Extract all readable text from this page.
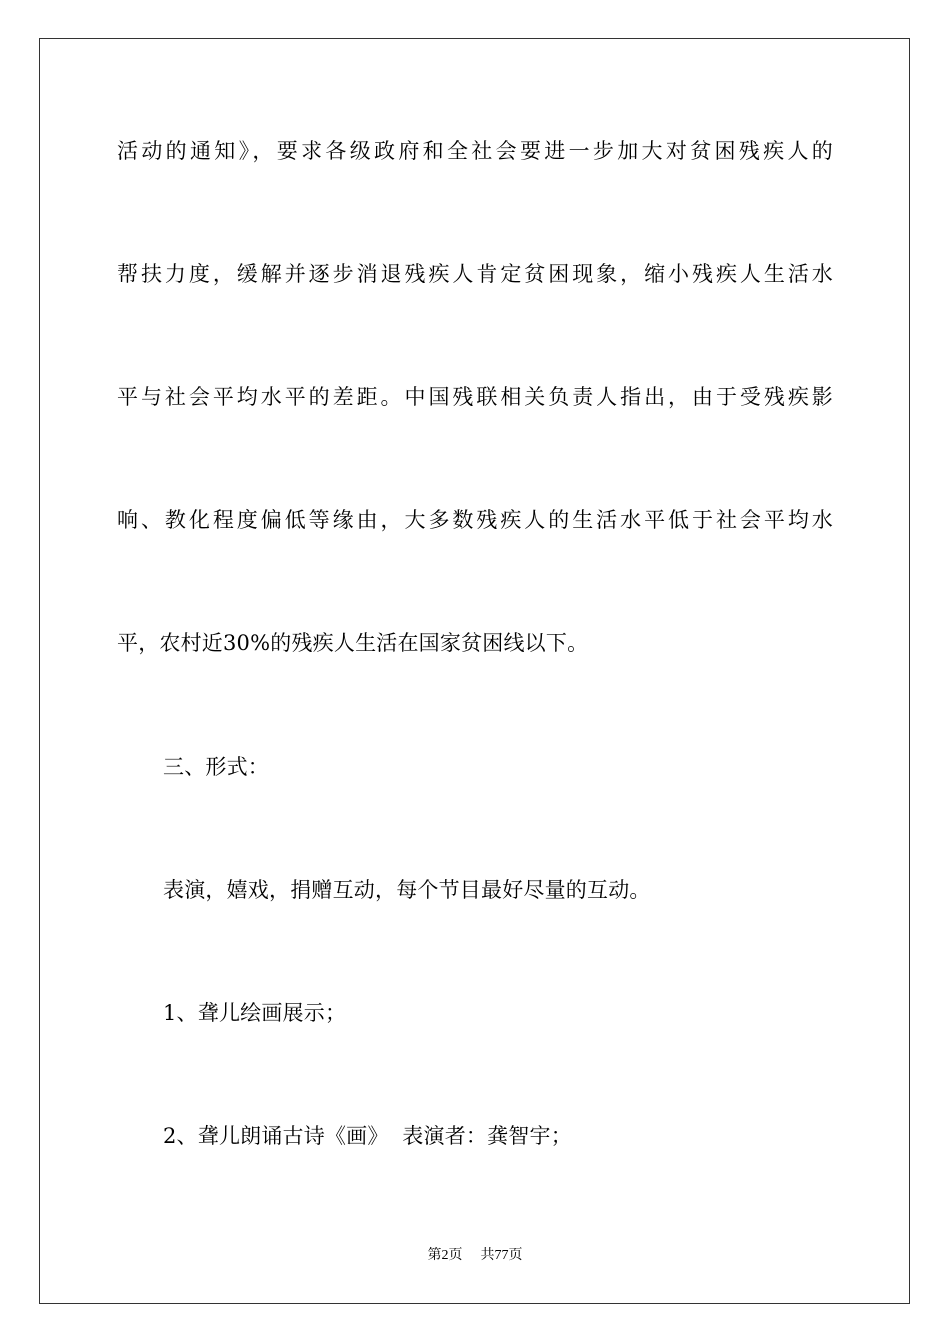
活动的通知》，要求各级政府和全社会要进一步加大对贫困残疾人的
帮扶力度，缓解并逐步消退残疾人肯定贫困现象，缩小残疾人生活水
平与社会平均水平的差距。中国残联相关负责人指出，由于受残疾影
响、教化程度偏低等缘由，大多数残疾人的生活水平低于社会平均水
平，农村近30%的残疾人生活在国家贫困线以下。
三、形式：
表演，嬉戏，捐赠互动，每个节目最好尽量的互动。
1、聋儿绘画展示；
2、聋儿朗诵古诗《画》  表演者：龚智宇；
第2页 共77页
